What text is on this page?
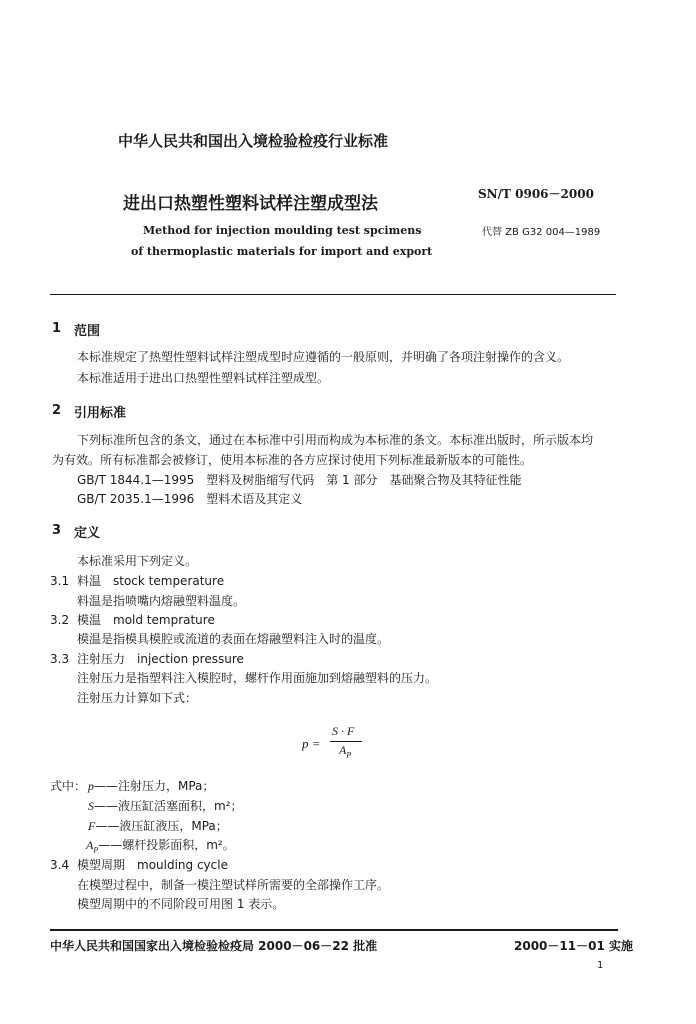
中华人民共和国出入境检验检疫行业标准
进出口热塑性塑料试样注塑成型法
Method for injection moulding test spcimens
of thermoplastic materials for import and export
SN/T 0906－2000
代替 ZB G32 004—1989
1 范围
本标准规定了热塑性塑料试样注塑成型时应遵循的一般原则，并明确了各项注射操作的含义。
本标准适用于进出口热塑性塑料试样注塑成型。
2 引用标准
下列标准所包含的条文，通过在本标准中引用而构成为本标准的条文。本标准出版时，所示版本均
为有效。所有标准都会被修订，使用本标准的各方应探讨使用下列标准最新版本的可能性。
GB/T 1844.1—1995　塑料及树脂缩写代码　第 1 部分　基础聚合物及其特征性能
GB/T 2035.1—1996　塑料术语及其定义
3 定义
本标准采用下列定义。
3.1 料温　stock temperature
料温是指喷嘴内熔融塑料温度。
3.2 模温　mold temprature
模温是指模具模腔或流道的表面在熔融塑料注入时的温度。
3.3 注射压力　injection pressure
注射压力是指塑料注入模腔时，螺杆作用面施加到熔融塑料的压力。
注射压力计算如下式：
p =
S · F
$A_P$
式中： p——注射压力，MPa；
S——液压缸活塞面积，m²；
F——液压缸液压，MPa；
$A_P——$螺杆投影面积，m²。
3.4 模塑周期　moulding cycle
在模塑过程中，制备一模注塑试样所需要的全部操作工序。
模塑周期中的不同阶段可用图 1 表示。
中华人民共和国国家出入境检验检疫局 2000－06－22 批准	2000－11－01 实施
1
